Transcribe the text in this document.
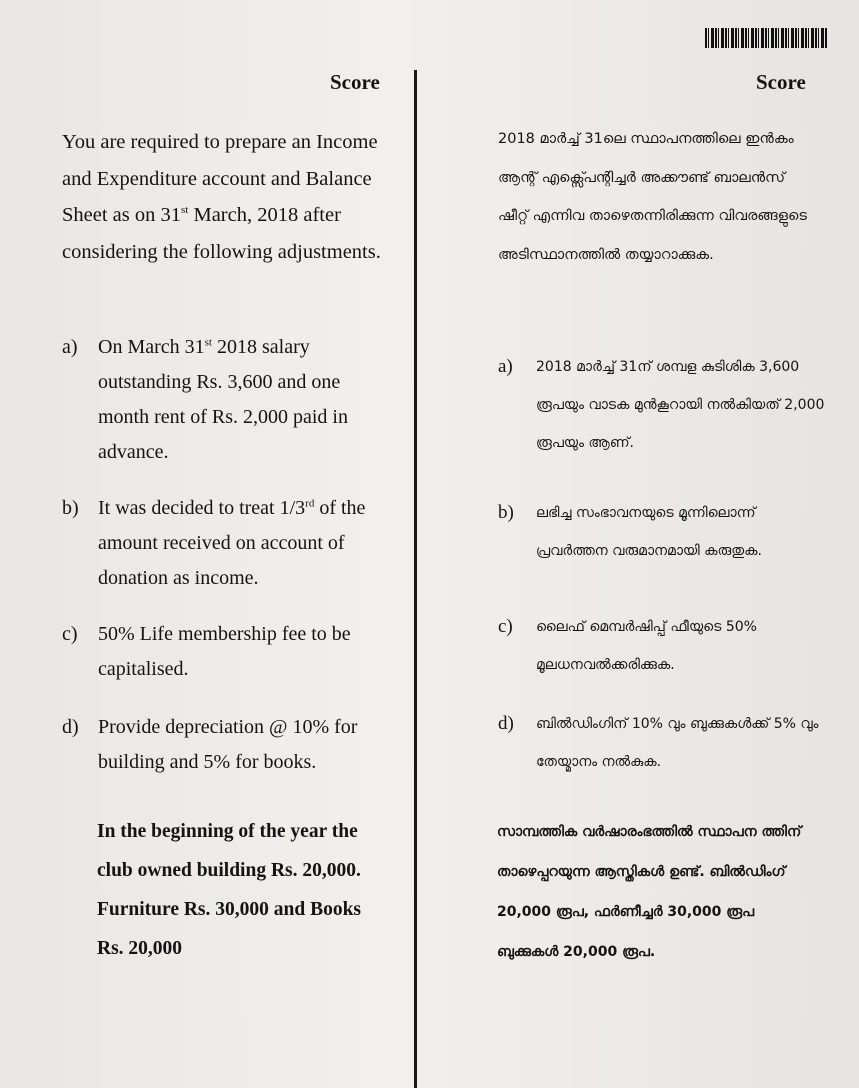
Score	Score

You are required to prepare an Income and Expenditure account and Balance Sheet as on 31st March, 2018 after considering the following adjustments.

a) On March 31st 2018 salary outstanding Rs. 3,600 and one month rent of Rs. 2,000 paid in advance.
b) It was decided to treat 1/3rd of the amount received on account of donation as income.
c) 50% Life membership fee to be capitalised.
d) Provide depreciation @ 10% for building and 5% for books.
In the beginning of the year the club owned building Rs. 20,000. Furniture Rs. 30,000 and Books Rs. 20,000
2018 മാർച്ച് 31ലെ സ്ഥാപനത്തിലെ ഇൻകം ആന്റ് എക്സ്പെന്റിച്ചർ അക്കൗണ്ട് ബാലൻസ് ഷീറ്റ് എന്നിവ താഴെതന്നിരിക്കുന്ന വിവരങ്ങളുടെ അടിസ്ഥാനത്തിൽ തയ്യാറാക്കുക.
a) 2018 മാർച്ച് 31ന് ശമ്പള കുടിശിക 3,600 രൂപയും വാടക മുൻകൂറായി നൽകിയത് 2,000 രൂപയും ആണ്.
b) ലഭിച്ച സംഭാവനയുടെ മൂന്നിലൊന്ന് പ്രവർത്തന വരുമാനമായി കരുതുക.
c) ലൈഫ് മെമ്പർഷിപ്പ് ഫീയുടെ 50% മൂലധനവൽക്കരിക്കുക.
d) ബിൽഡിംഗിന് 10% വും ബുക്കുകൾക്ക് 5% വും തേയ്മാനം നൽകുക.
സാമ്പത്തിക വർഷാരംഭത്തിൽ സ്ഥാപന ത്തിന് താഴെപ്പറയുന്ന ആസ്തികൾ ഉണ്ട്. ബിൽഡിംഗ് 20,000 രൂപ, ഫർണീച്ചർ 30,000 രൂപ ബുക്കുകൾ 20,000 രൂപ.
